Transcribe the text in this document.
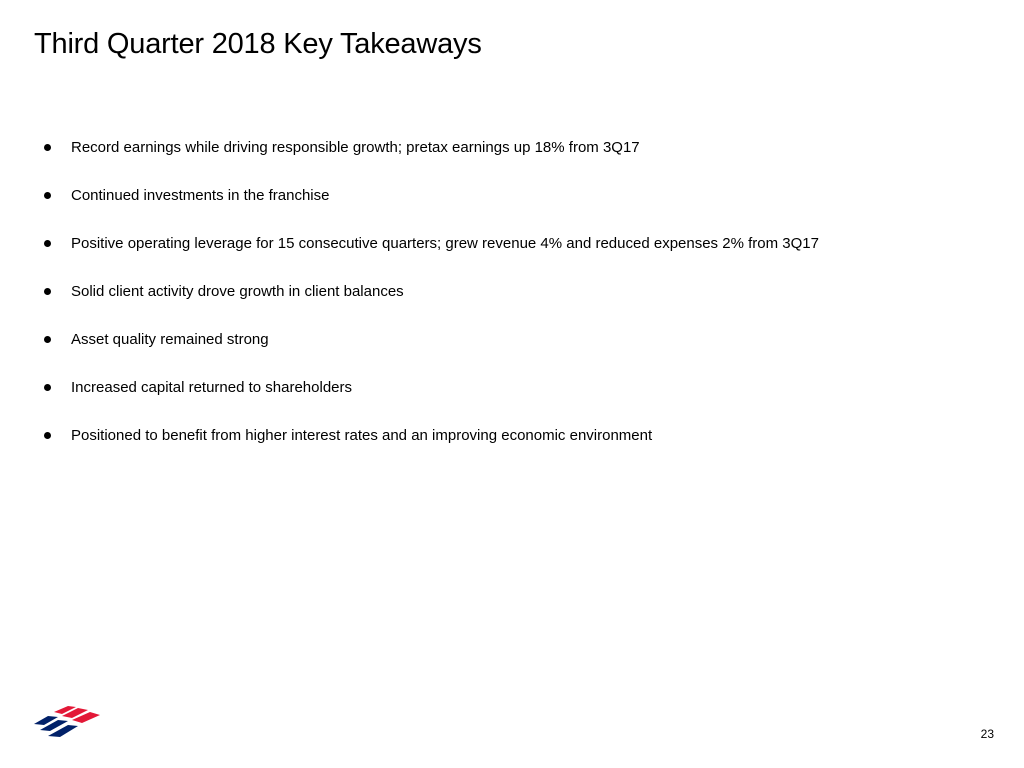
Third Quarter 2018 Key Takeaways
Record earnings while driving responsible growth; pretax earnings up 18% from 3Q17
Continued investments in the franchise
Positive operating leverage for 15 consecutive quarters; grew revenue 4% and reduced expenses 2% from 3Q17
Solid client activity drove growth in client balances
Asset quality remained strong
Increased capital returned to shareholders
Positioned to benefit from higher interest rates and an improving economic environment
23
